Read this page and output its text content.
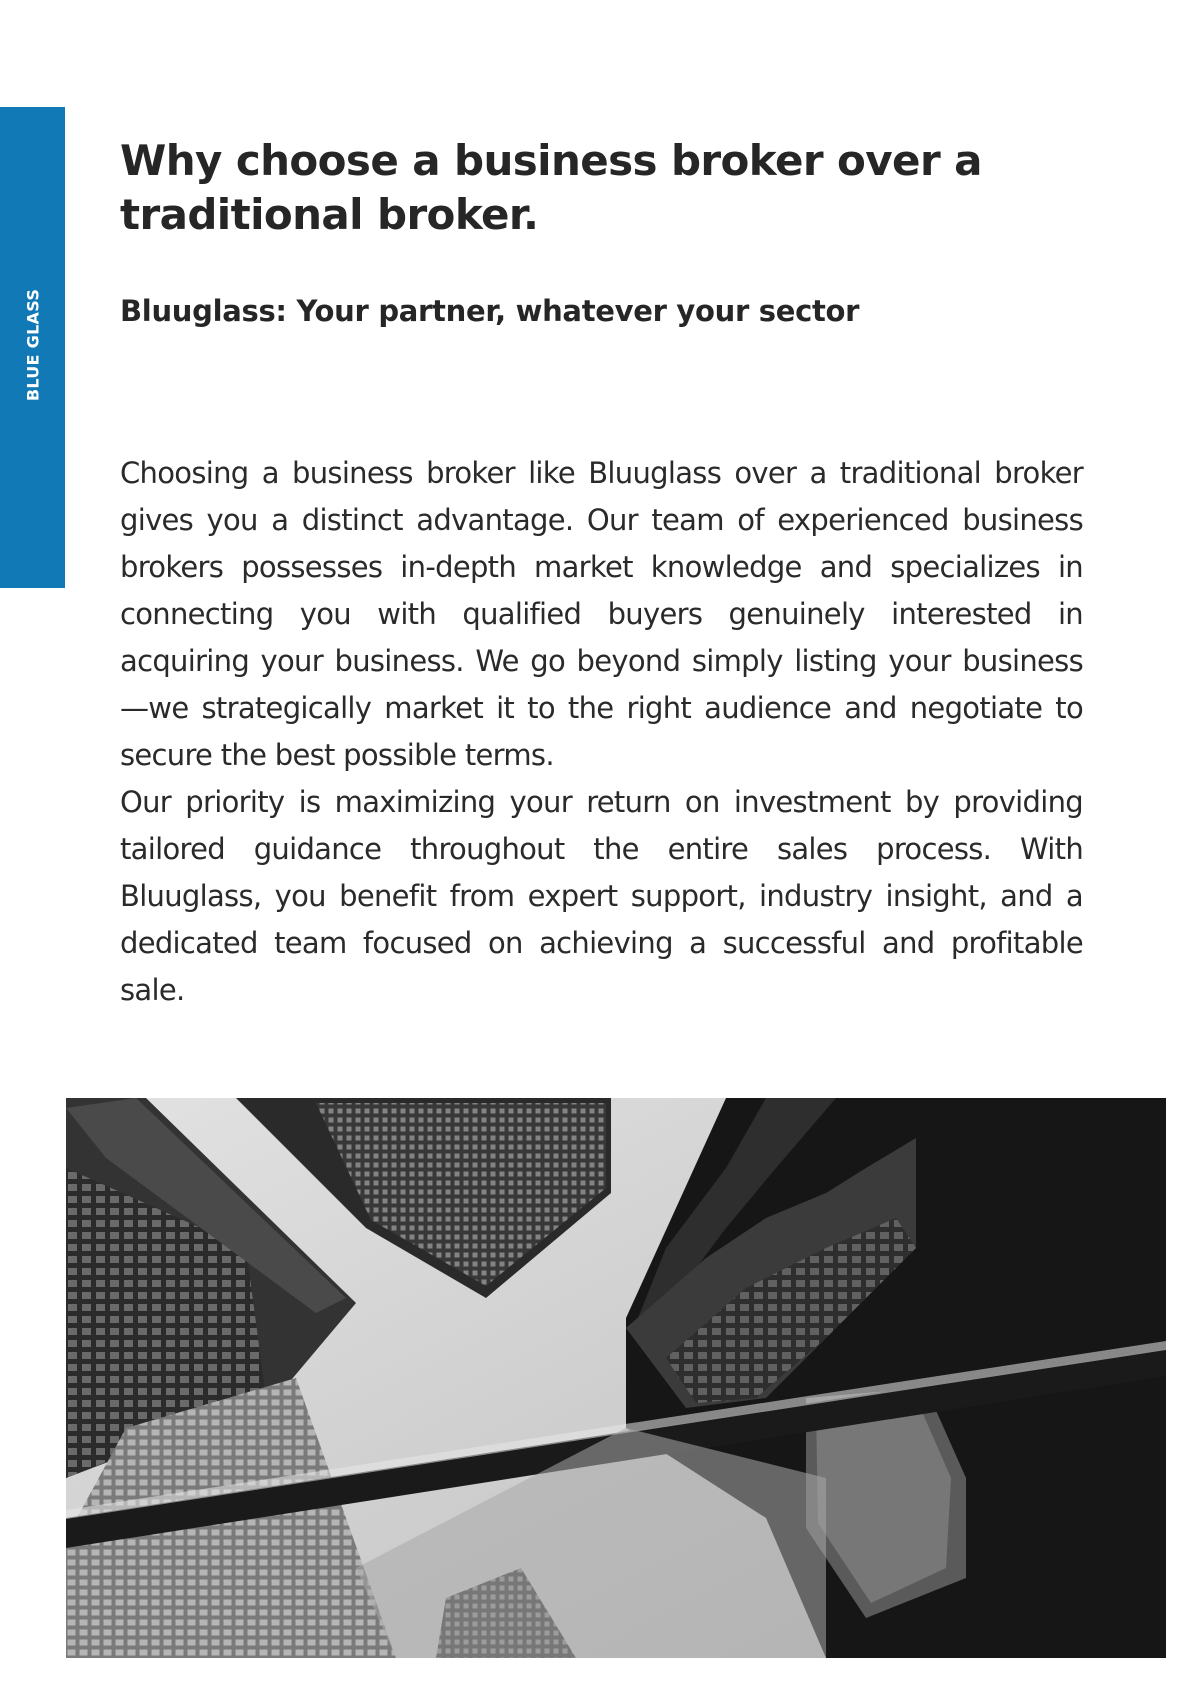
BLUE GLASS
Why choose a business broker over a traditional broker.
Bluuglass: Your partner, whatever your sector

Choosing a business broker like Bluuglass over a traditional broker gives you a distinct advantage. Our team of experienced business brokers possesses in-depth market knowledge and specializes in connecting you with qualified buyers genuinely interested in acquiring your business. We go beyond simply listing your business—we strategically market it to the right audience and negotiate to secure the best possible terms.

Our priority is maximizing your return on investment by providing tailored guidance throughout the entire sales process. With Bluuglass, you benefit from expert support, industry insight, and a dedicated team focused on achieving a successful and profitable sale.
